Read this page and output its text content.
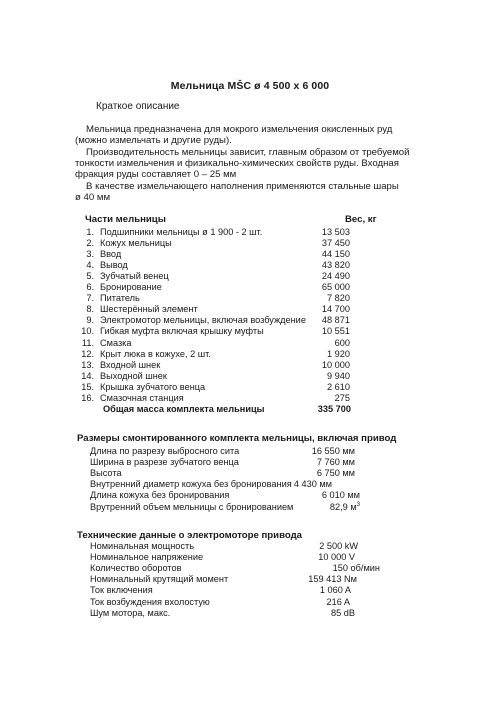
Мельница MŠC ø 4 500 x 6 000
Краткое описание
Мельница предназначена для мокрого измельчения окисленных руд
(можно измельчать и другие руды).
Производительность мельницы зависит, главным образом от требуемой
тонкости измельчения и физикально-химических свойств руды. Входная
фракция руды составляет 0 – 25 мм
В качестве измельчающего наполнения применяются стальные шары
ø 40 мм
Части мельницы	Вес, кг
1. Подшипники мельницы ø 1 900 - 2 шт.	13 503
2. Кожух мельницы	37 450
3. Ввод	44 150
4. Вывод	43 820
5. Зубчатый венец	24 490
6. Бронирование	65 000
7. Питатель	7 820
8. Шестерённый элемент	14 700
9. Электромотор мельницы, включая возбуждение 48 871
10. Гибкая муфта включая крышку муфты	10 551
11. Смазка	600
12. Крыт люка в кожухе, 2 шт.	1 920
13. Входной шнек	10 000
14. Выходной шнек	9 940
15. Крышка зубчатого венца	2 610
16. Смазочная станция	275
Общая масса комплекта мельницы	335 700
Размеры смонтированного комплекта мельницы, включая привод
Длина по разрезу выбросного сита	16 550 мм
Ширина в разрезе зубчатого венца	7 760 мм
Высота	6 750 мм
Внутренний диаметр кожуха без бронирования 4 430 мм
Длина кожуха без бронирования	6 010 мм
Врутренний объем мельницы с бронированием	82,9 $м^3$
Технические данные о электромоторе привода
Номинальная мощность	2 500 kW
Номинальное напряжение	10 000 V
Количество оборотов	150 об/мин
Номинальный крутящий момент	159 413 Nм
Ток включения	1 060 A
Ток возбуждения вхолостую	216 A
Шум мотора, макс.	85 dB
